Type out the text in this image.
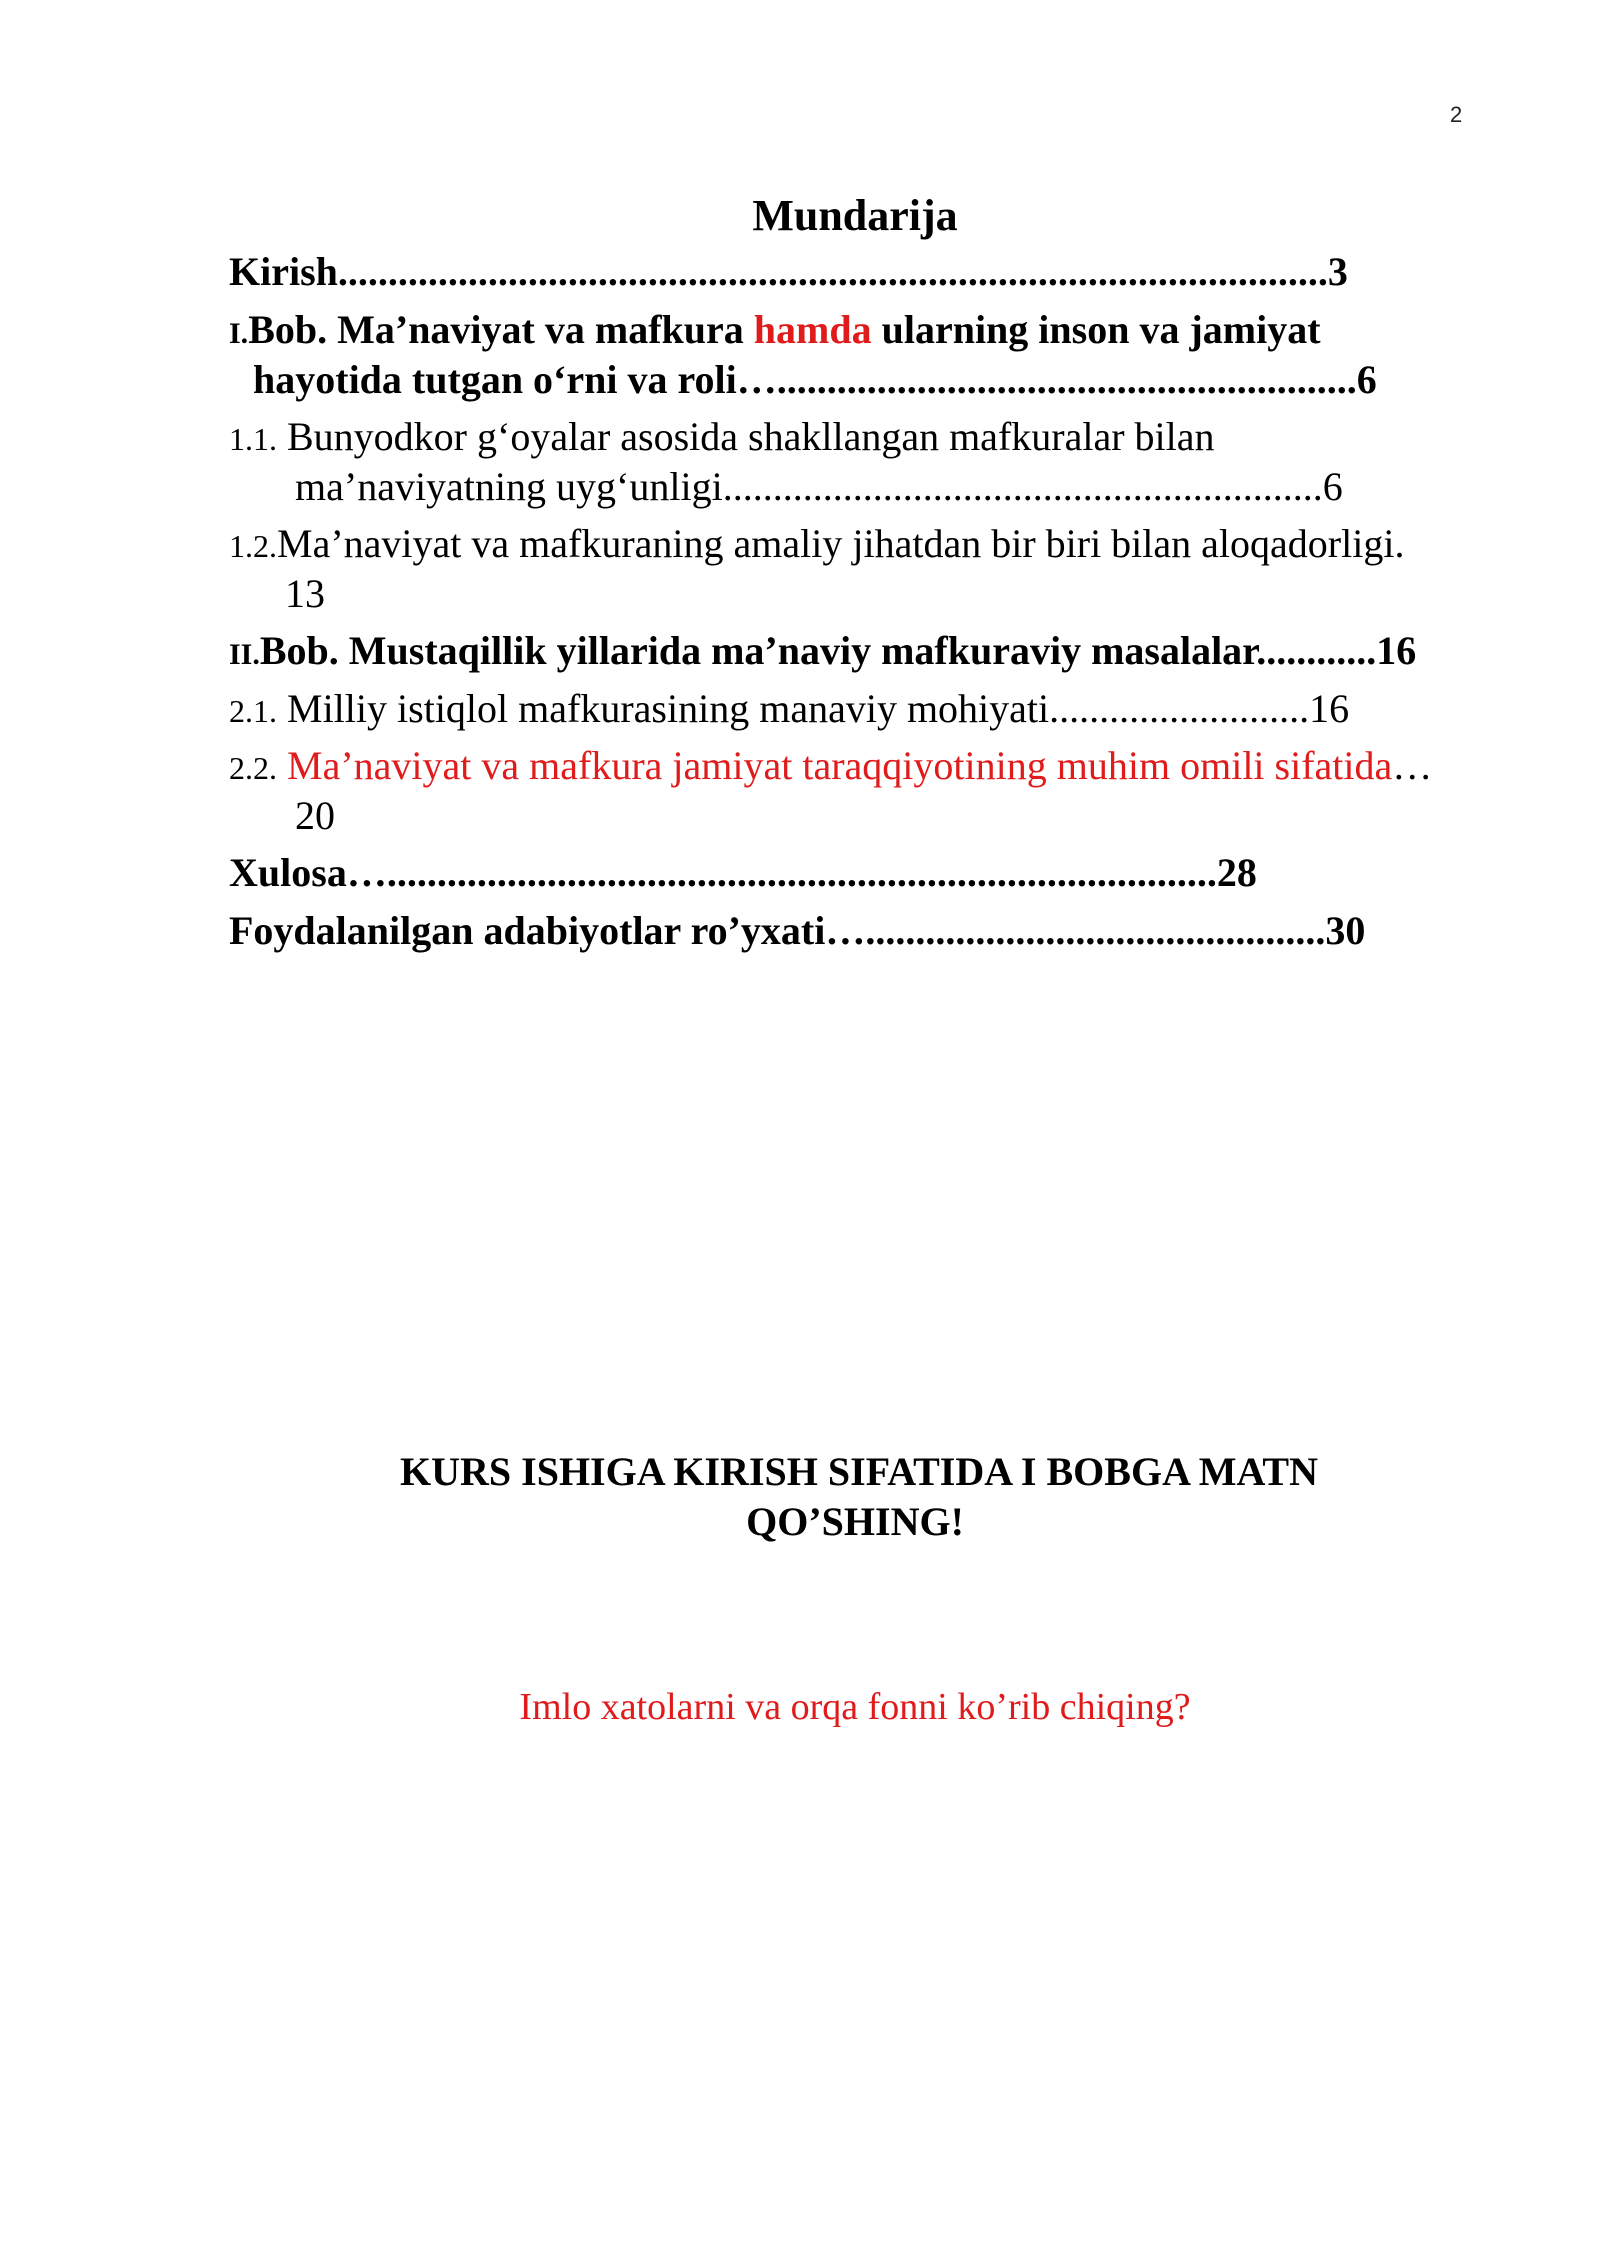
2
Mundarija
Kirish...................................................................................................3
I.Bob. Ma’naviyat va mafkura hamda ularning inson va jamiyat
hayotida tutgan o‘rni va roli…..........................................................6
1.1. Bunyodkor g‘oyalar asosida shakllangan mafkuralar bilan
ma’naviyatning uyg‘unligi............................................................6
1.2.Ma’naviyat va mafkuraning amaliy jihatdan bir biri bilan aloqadorligi.
13
II.Bob. Mustaqillik yillarida ma’naviy mafkuraviy masalalar............16
2.1. Milliy istiqlol mafkurasining manaviy mohiyati..........................16
2.2. Ma’naviyat va mafkura jamiyat taraqqiyotining muhim omili sifatida…
20
Xulosa…...................................................................................28
Foydalanilgan adabiyotlar ro’yxati…..............................................30
KURS ISHIGA KIRISH SIFATIDA I BOBGA MATN
QO’SHING!
Imlo xatolarni va orqa fonni ko’rib chiqing?
